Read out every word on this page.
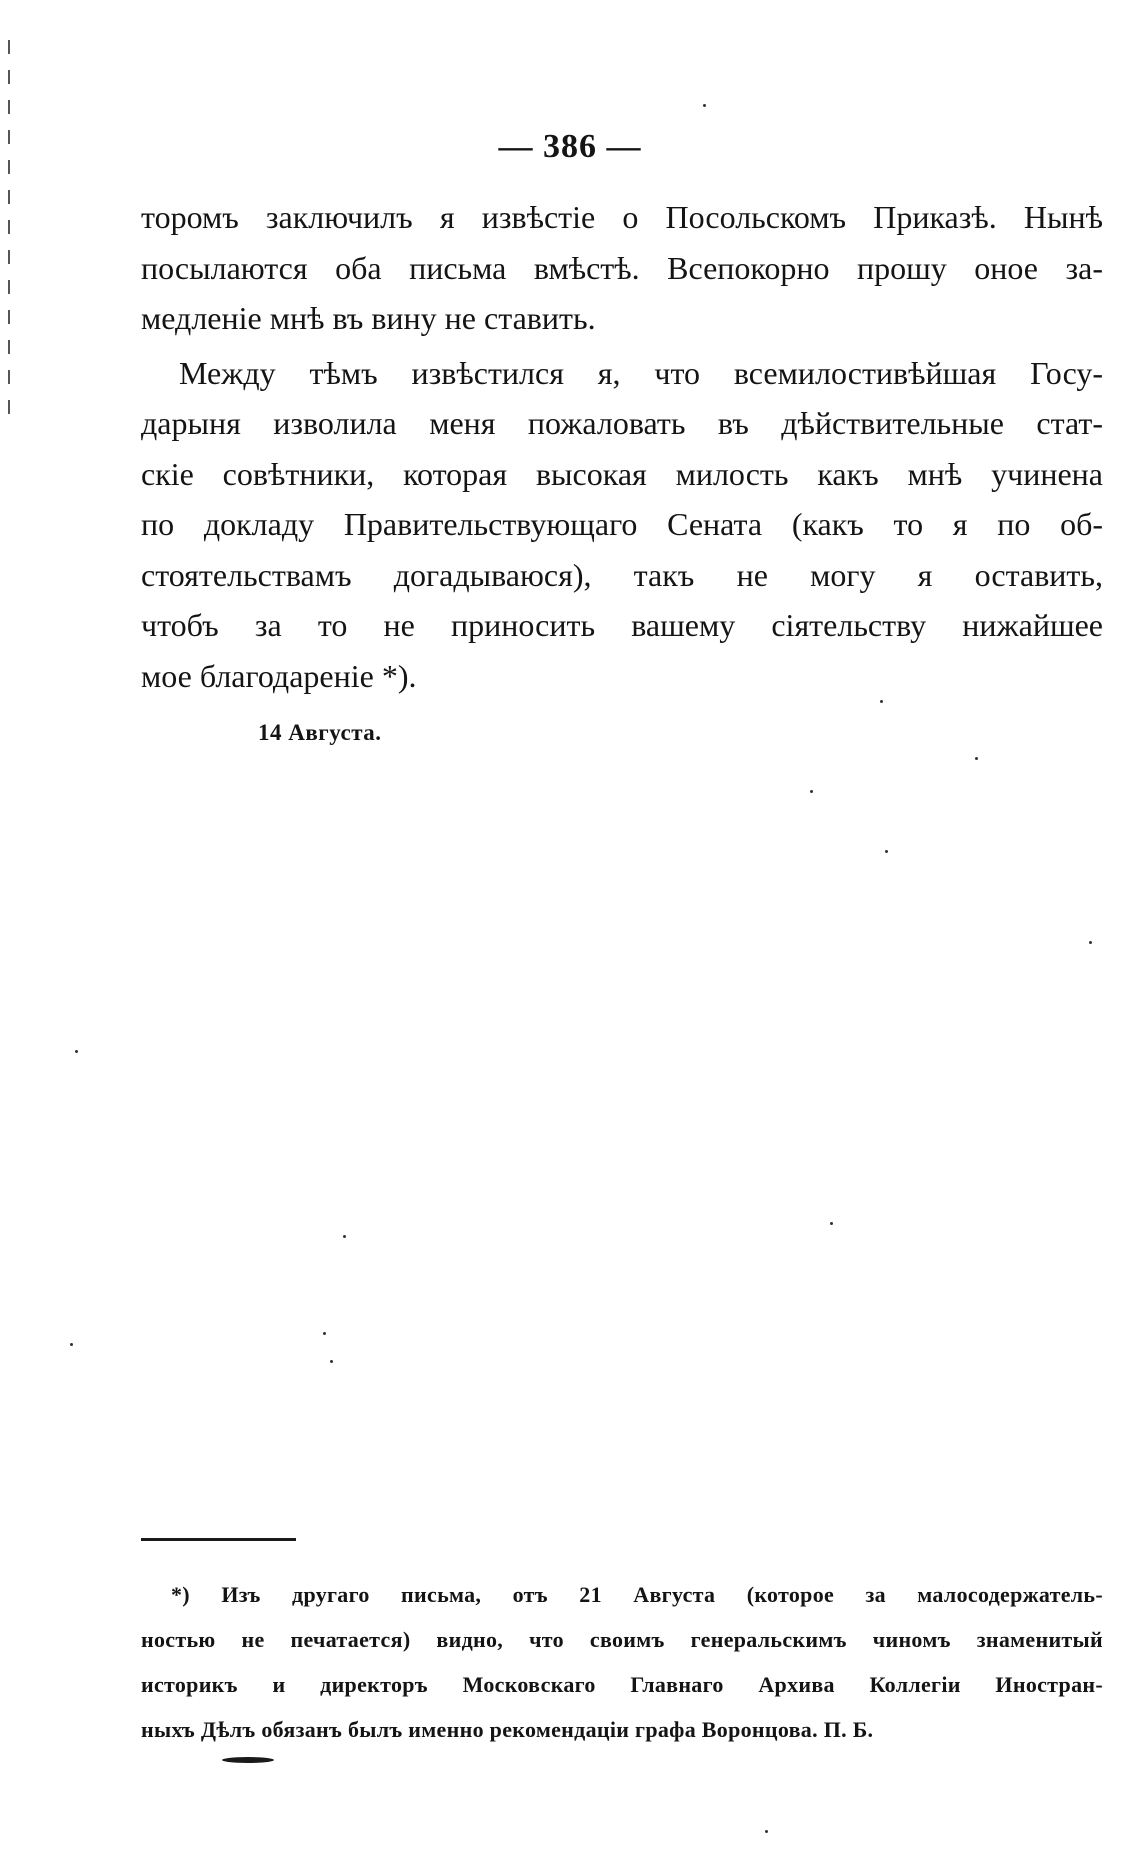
— 386 —
торомъ заключилъ я извѣстіе о Посольскомъ Приказѣ. Нынѣ
посылаются оба письма вмѣстѣ. Всепокорно прошу оное за-
медленіе мнѣ въ вину не ставить.
Между тѣмъ извѣстился я, что всемилостивѣйшая Госу-
дарыня изволила меня пожаловать въ дѣйствительные стат-
скіе совѣтники, которая высокая милость какъ мнѣ учинена
по докладу Правительствующаго Сената (какъ то я по об-
стоятельствамъ догадываюся), такъ не могу я оставить,
чтобъ за то не приносить вашему сіятельству нижайшее
мое благодареніе *).
14 Августа.
*) Изъ другаго письма, отъ 21 Августа (которое за малосодержатель-
ностью не печатается) видно, что своимъ генеральскимъ чиномъ знаменитый
историкъ и директоръ Московскаго Главнаго Архива Коллегіи Иностран-
ныхъ Дѣлъ обязанъ былъ именно рекомендаціи графа Воронцова. П. Б.
